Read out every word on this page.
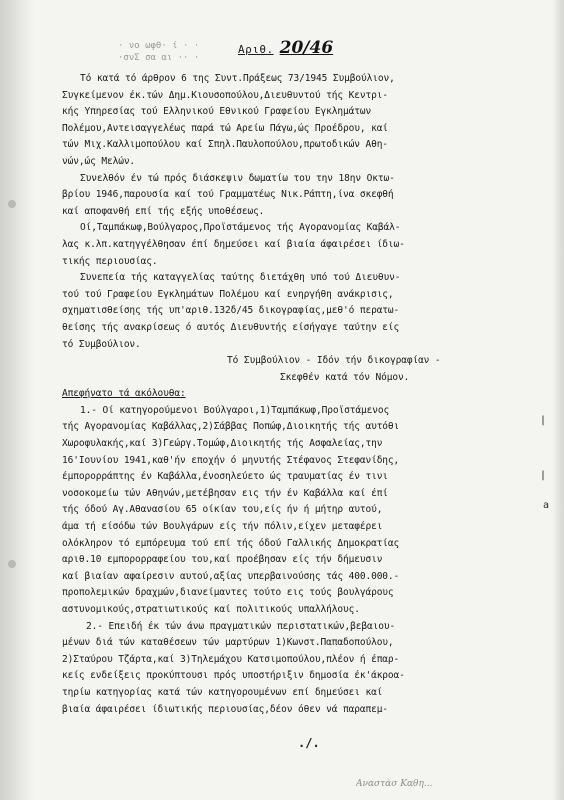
· νο ωφθ· ί · ·
·σνΣ σα αι ·· ·
Αριθ. 20/46
Τό κατά τό άρθρον 6 της Συντ.Πράξεως 73/1945 Συμβούλιον,
Συγκείμενον έκ.τών Δημ.Κιουσοπούλου,Διευθυντού τής Κεντρι-
κής Υπηρεσίας τού Ελληνικού Εθνικού Γραφείου Εγκλημάτων
Πολέμου,Αντεισαγγελέως παρά τώ Αρείω Πάγω,ώς Προέδρου, καί
τών Μιχ.Καλλιμοπούλου καί Σπηλ.Παυλοπούλου,πρωτοδικών Αθη-
νών,ώς Μελών.
Συνελθόν έν τώ πρός διάσκεψιν δωματίω του την 18ην Οκτω-
βρίου 1946,παρουσία καί τού Γραμματέως Νικ.Ράπτη,ίνα σκεφθή
καί αποφανθή επί τής εξής υποθέσεως.
Οί,Ταμπάκωφ,Βούλγαρος,Προϊστάμενος τής Αγορανομίας Καβάλ-
λας κ.λπ.κατηγγέλθησαν έπί δημεύσει καί βιαία άφαιρέσει ίδιω-
τικής περιουσίας.
Συνεπεία τής καταγγελίας ταύτης διετάχθη υπό τού Διευθυν-
τού τού Γραφείου Εγκλημάτων Πολέμου καί ενηργήθη ανάκρισις,
σχηματισθείσης τής υπ'αριθ.132δ/45 δικογραφίας,μεθ'ό περατω-
θείσης τής ανακρίσεως ό αυτός Διευθυντής είσήγαγε ταύτην είς
τό Συμβούλιον.
Τό Συμβούλιον - Ιδόν τήν δικογραφίαν -
Σκεφθέν κατά τόν Νόμον.
Απεφήνατο τά ακόλουθα:
1.- Οί κατηγορούμενοι Βούλγαροι,1)Ταμπάκωφ,Προϊστάμενος
τής Αγορανομίας Καβάλλας,2)Σάββας Ποπώφ,Διοικητής τής αυτόθι
Χωροφυλακής,καί 3)Γεώργ.Τομώφ,Διοικητής τής Ασφαλείας,την
16'Ιουνίου 1941,καθ'ήν εποχήν ό μηνυτής Στέφανος Στεφανίδης,
έμπορορράπτης έν Καβάλλα,ένοσηλεύετο ώς τραυματίας έν τινι
νοσοκομείω τών Αθηνών,μετέβησαν εις τήν έν Καβάλλα καί έπί
τής όδού Αγ.Αθανασίου 65 οίκίαν του,είς ήν ή μήτηρ αυτού,
άμα τή είσόδω τών Βουλγάρων είς τήν πόλιν,είχεν μεταφέρει
ολόκληρον τό εμπόρευμα τού επί τής όδού Γαλλικής Δημοκρατίας
αριθ.10 εμπορορραφείου του,καί προέβησαν είς τήν δήμευσιν
καί βιαίαν αφαίρεσιν αυτού,αξίας υπερβαινούσης τάς 400.000.-
προπολεμικών δραχμών,διανείμαντες τούτο εις τούς βουλγάρους
αστυνομικούς,στρατιωτικούς καί πολιτικούς υπαλλήλους.
2.- Επειδή έκ τών άνω πραγματικών περιστατικών,βεβαιου-
μένων διά τών καταθέσεων τών μαρτύρων 1)Κωνστ.Παπαδοπούλου,
2)Σταύρου Τζάρτα,καί 3)Τηλεμάχου Κατσιμοπούλου,πλέον ή έπαρ-
κείς ενδείξεις προκύπτουσι πρός υποστήριξιν δημοσία έκ'άκροα-
τηρίω κατηγορίας κατά τών κατηγορουμένων επί δημεύσει καί
βιαία άφαιρέσει ίδιωτικής περιουσίας,δέον όθεν νά παραπεμ-
a
|
|
./.
Αναστάσ Καθη...
